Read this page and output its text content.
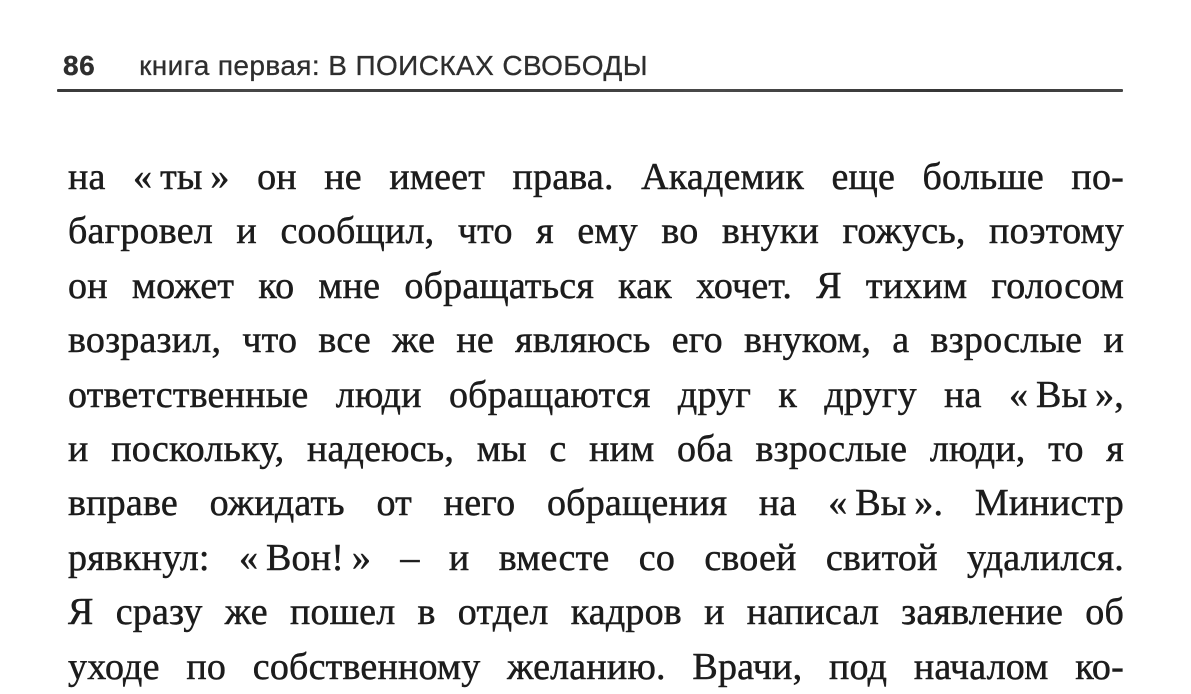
86 книга первая: В ПОИСКАХ СВОБОДЫ
на « ты » он не имеет права. Академик еще больше по-
багровел и сообщил, что я ему во внуки гожусь, поэтому
он может ко мне обращаться как хочет. Я тихим голосом
возразил, что все же не являюсь его внуком, а взрослые и
ответственные люди обращаются друг к другу на « Вы »,
и поскольку, надеюсь, мы с ним оба взрослые люди, то я
вправе ожидать от него обращения на « Вы ». Министр
рявкнул: « Вон! » – и вместе со своей свитой удалился.
Я сразу же пошел в отдел кадров и написал заявление об
уходе по собственному желанию. Врачи, под началом ко-
